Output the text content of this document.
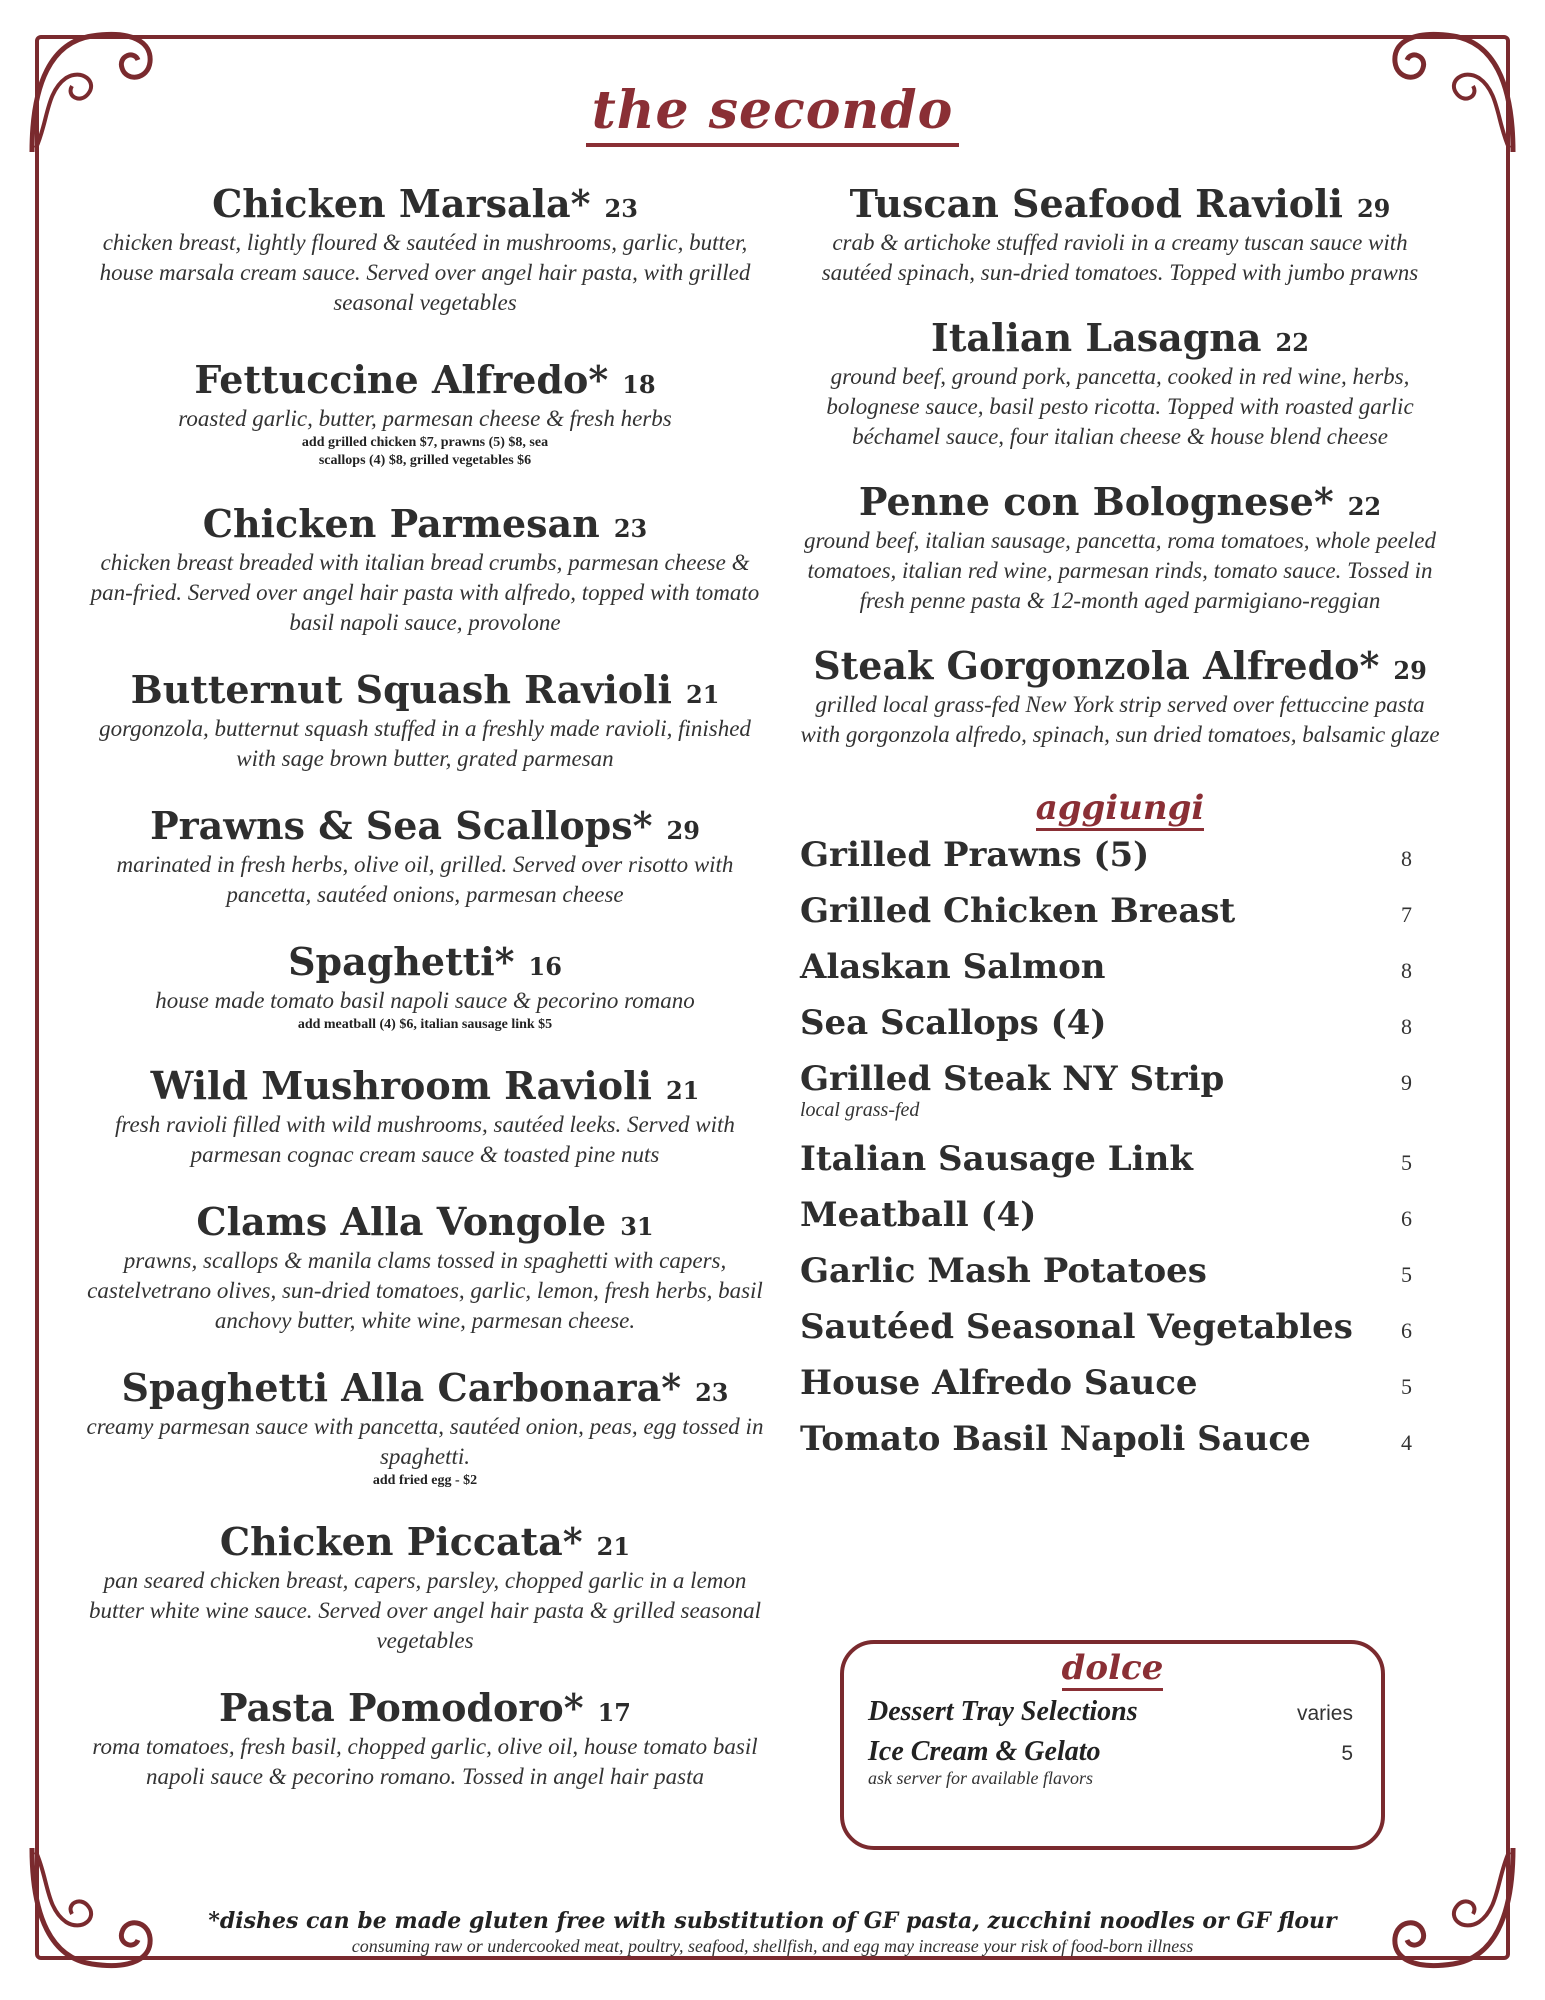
the secondo
Chicken Marsala* 23
chicken breast, lightly floured & sautéed in mushrooms, garlic, butter, house marsala cream sauce. Served over angel hair pasta, with grilled seasonal vegetables
Fettuccine Alfredo* 18
roasted garlic, butter, parmesan cheese & fresh herbs
add grilled chicken $7, prawns (5) $8, sea scallops (4) $8, grilled vegetables $6
Chicken Parmesan 23
chicken breast breaded with italian bread crumbs, parmesan cheese & pan-fried. Served over angel hair pasta with alfredo, topped with tomato basil napoli sauce, provolone
Butternut Squash Ravioli 21
gorgonzola, butternut squash stuffed in a freshly made ravioli, finished with sage brown butter, grated parmesan
Prawns & Sea Scallops* 29
marinated in fresh herbs, olive oil, grilled. Served over risotto with pancetta, sautéed onions, parmesan cheese
Spaghetti* 16
house made tomato basil napoli sauce & pecorino romano
add meatball (4) $6, italian sausage link $5
Wild Mushroom Ravioli 21
fresh ravioli filled with wild mushrooms, sautéed leeks. Served with parmesan cognac cream sauce & toasted pine nuts
Clams Alla Vongole 31
prawns, scallops & manila clams tossed in spaghetti with capers, castelvetrano olives, sun-dried tomatoes, garlic, lemon, fresh herbs, basil anchovy butter, white wine, parmesan cheese.
Spaghetti Alla Carbonara* 23
creamy parmesan sauce with pancetta, sautéed onion, peas, egg tossed in spaghetti.
add fried egg - $2
Chicken Piccata* 21
pan seared chicken breast, capers, parsley, chopped garlic in a lemon butter white wine sauce. Served over angel hair pasta & grilled seasonal vegetables
Pasta Pomodoro* 17
roma tomatoes, fresh basil, chopped garlic, olive oil, house tomato basil napoli sauce & pecorino romano. Tossed in angel hair pasta
Tuscan Seafood Ravioli 29
crab & artichoke stuffed ravioli in a creamy tuscan sauce with sautéed spinach, sun-dried tomatoes. Topped with jumbo prawns
Italian Lasagna 22
ground beef, ground pork, pancetta, cooked in red wine, herbs, bolognese sauce, basil pesto ricotta. Topped with roasted garlic béchamel sauce, four italian cheese & house blend cheese
Penne con Bolognese* 22
ground beef, italian sausage, pancetta, roma tomatoes, whole peeled tomatoes, italian red wine, parmesan rinds, tomato sauce. Tossed in fresh penne pasta & 12-month aged parmigiano-reggian
Steak Gorgonzola Alfredo* 29
grilled local grass-fed New York strip served over fettuccine pasta with gorgonzola alfredo, spinach, sun dried tomatoes, balsamic glaze
aggiungi
Grilled Prawns (5)	8
Grilled Chicken Breast	7
Alaskan Salmon	8
Sea Scallops (4)	8
Grilled Steak NY Strip	9
local grass-fed
Italian Sausage Link	5
Meatball (4)	6
Garlic Mash Potatoes	5
Sautéed Seasonal Vegetables 6
House Alfredo Sauce	5
Tomato Basil Napoli Sauce	4
dolce
Dessert Tray Selections	varies
Ice Cream & Gelato	5
ask server for available flavors
*dishes can be made gluten free with substitution of GF pasta, zucchini noodles or GF flour
consuming raw or undercooked meat, poultry, seafood, shellfish, and egg may increase your risk of food-born illness
